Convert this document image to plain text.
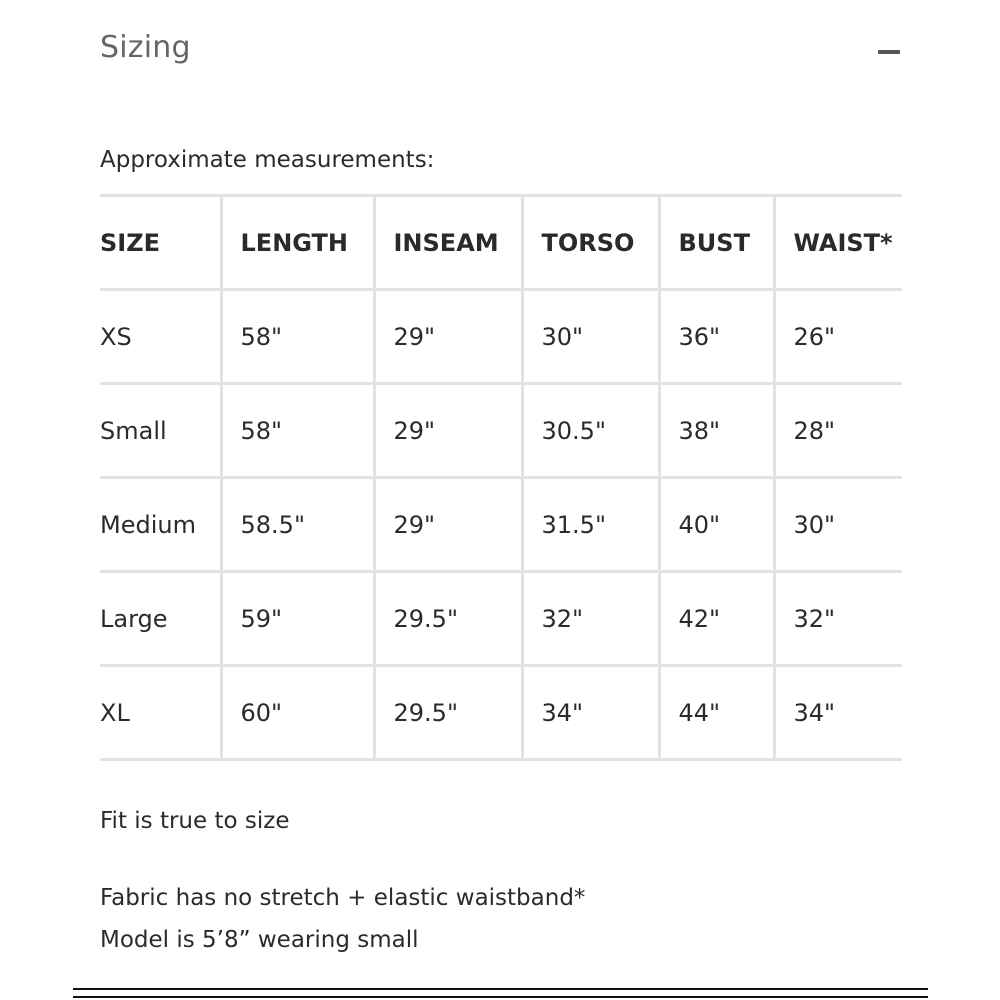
Sizing
Approximate measurements:
SIZE	LENGTH	INSEAM	TORSO	BUST	WAIST*
XS	58"	29"	30"	36"	26"
Small	58"	29"	30.5"	38"	28"
Medium	58.5"	29"	31.5"	40"	30"
Large	59"	29.5"	32"	42"	32"
XL	60"	29.5"	34"	44"	34"
Fit is true to size
Fabric has no stretch + elastic waistband*
Model is 5’8” wearing small
